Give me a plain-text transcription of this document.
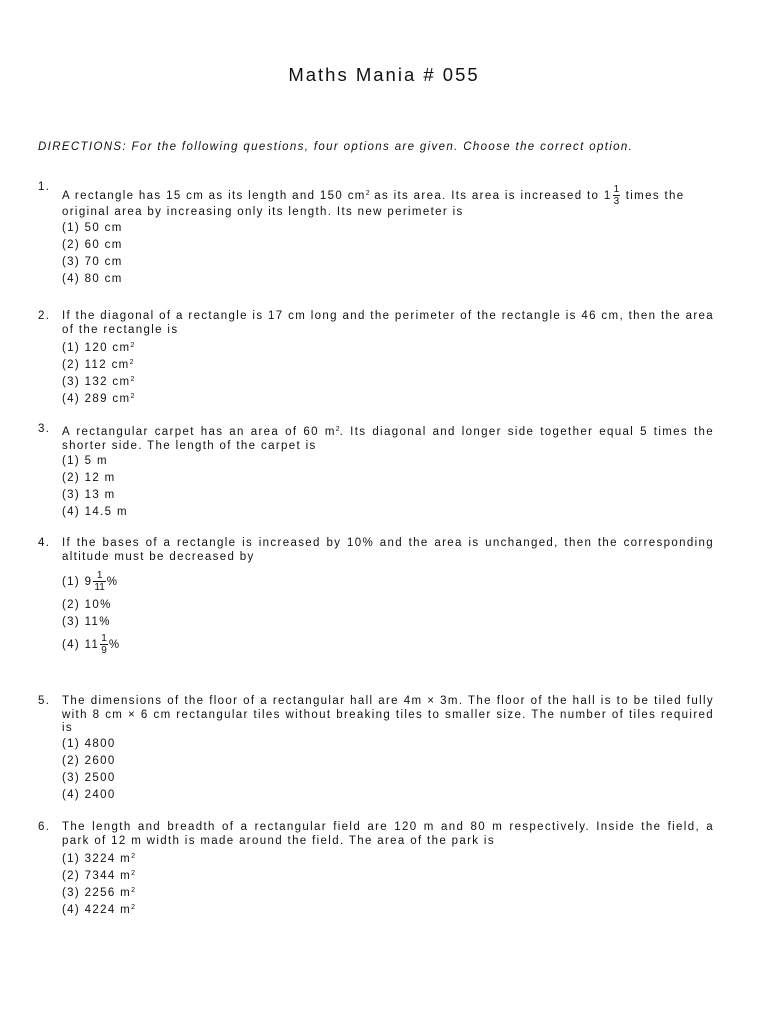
Maths Mania # 055
DIRECTIONS: For the following questions, four options are given. Choose the correct option.
1.
A rectangle has 15 cm as its length and 150 $cm^2$ as its area. Its area is increased to $1 \frac{1}{3}$ times the
original area by increasing only its length. Its new perimeter is
(1) 50 cm
(2) 60 cm
(3) 70 cm
(4) 80 cm
2. If the diagonal of a rectangle is 17 cm long and the perimeter of the rectangle is 46 cm, then the area of the rectangle is
(1) 120 $cm^2$
(2) 112 $cm^2$
(3) 132 $cm^2$
(4) 289 $cm^2$
3. A rectangular carpet has an area of 60 $m^2$. Its diagonal and longer side together equal 5 times the shorter side. The length of the carpet is
(1) 5 m
(2) 12 m
(3) 13 m
(4) 14.5 m
4. If the bases of a rectangle is increased by 10% and the area is unchanged, then the corresponding altitude must be decreased by
(1) $9 \frac{1}{11}$ %
(2) 10%
(3) 11%
(4) $11 \frac{1}{9}$ %
5. The dimensions of the floor of a rectangular hall are 4m × 3m. The floor of the hall is to be tiled fully with 8 cm × 6 cm rectangular tiles without breaking tiles to smaller size. The number of tiles required is
(1) 4800
(2) 2600
(3) 2500
(4) 2400
6. The length and breadth of a rectangular field are 120 m and 80 m respectively. Inside the field, a park of 12 m width is made around the field. The area of the park is
(1) 3224 $m^2$
(2) 7344 $m^2$
(3) 2256 $m^2$
(4) 4224 $m^2$
